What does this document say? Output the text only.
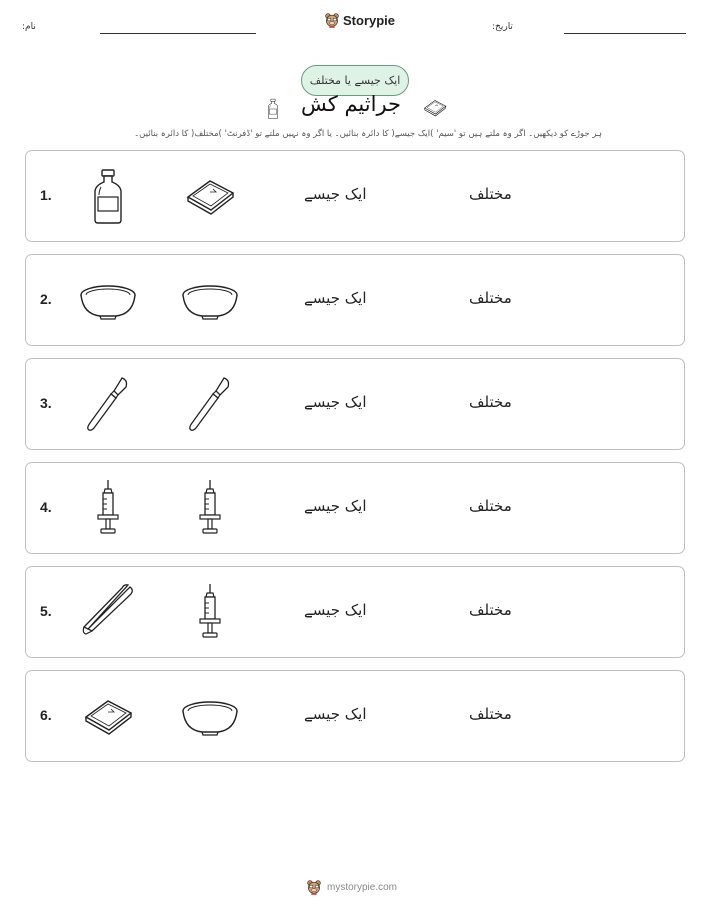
نام:	Storypie	تاریخ:
ایک جیسے یا مختلف
جراثیم کش
ہر جوڑے کو دیکھیں۔ اگر وہ ملتے ہیں تو 'سیم' )ایک جیسے( کا دائرہ بنائیں۔ یا اگر وہ نہیں ملتے تو 'ڈفرنٹ' )مختلف( کا دائرہ بنائیں۔
1.	ایک جیسے	مختلف
2.	ایک جیسے	مختلف
3.	ایک جیسے	مختلف
4.	ایک جیسے	مختلف
5.	ایک جیسے	مختلف
6.	ایک جیسے	مختلف
mystorypie.com
